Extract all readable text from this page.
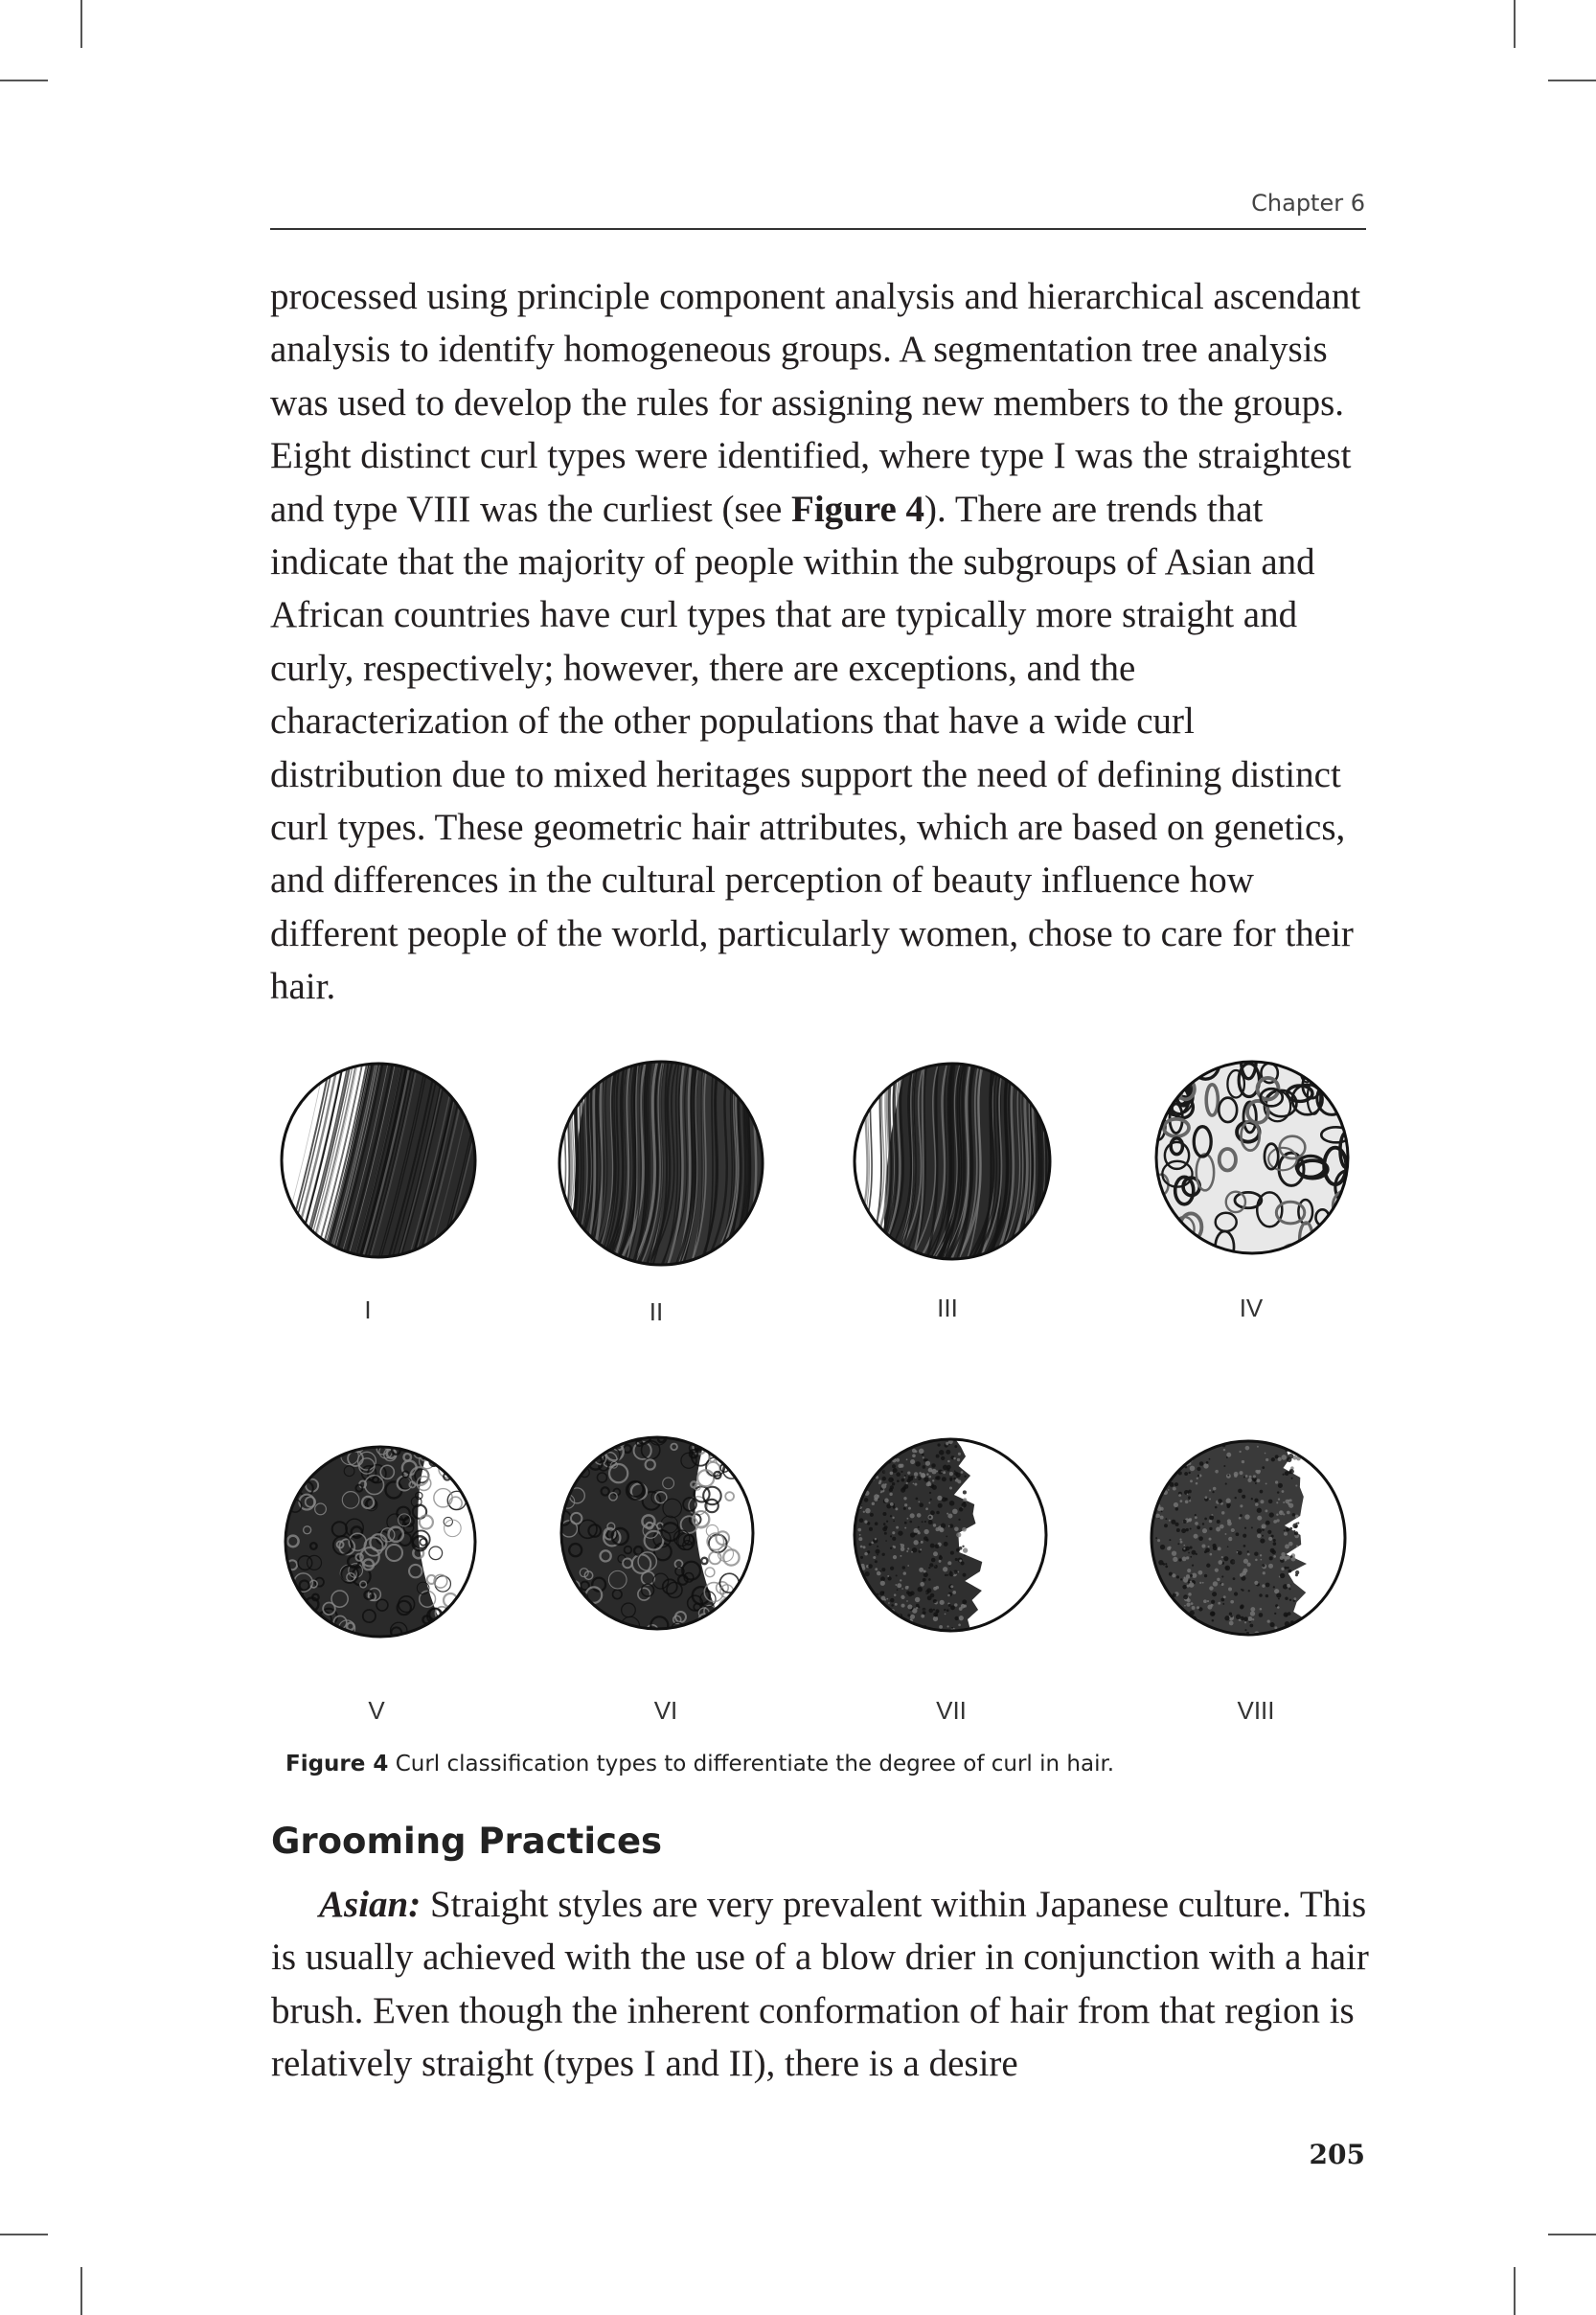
Chapter 6

processed using principle component analysis and hierarchical ascendant analysis to identify homogeneous groups. A segmentation tree analysis was used to develop the rules for assigning new members to the groups. Eight distinct curl types were identified, where type I was the straightest and type VIII was the curliest (see Figure 4). There are trends that indicate that the majority of people within the subgroups of Asian and African countries have curl types that are typically more straight and curly, respectively; however, there are exceptions, and the characterization of the other populations that have a wide curl distribution due to mixed heritages support the need of defining distinct curl types. These geometric hair attributes, which are based on genetics, and differences in the cultural perception of beauty influence how different people of the world, particularly women, chose to care for their hair.

I	II	III	IV
V	VI	VII	VIII
Figure 4 Curl classification types to differentiate the degree of curl in hair.
Grooming Practices

Asian: Straight styles are very prevalent within Japanese culture. This is usually achieved with the use of a blow drier in conjunction with a hair brush. Even though the inherent conformation of hair from that region is relatively straight (types I and II), there is a desire

205
